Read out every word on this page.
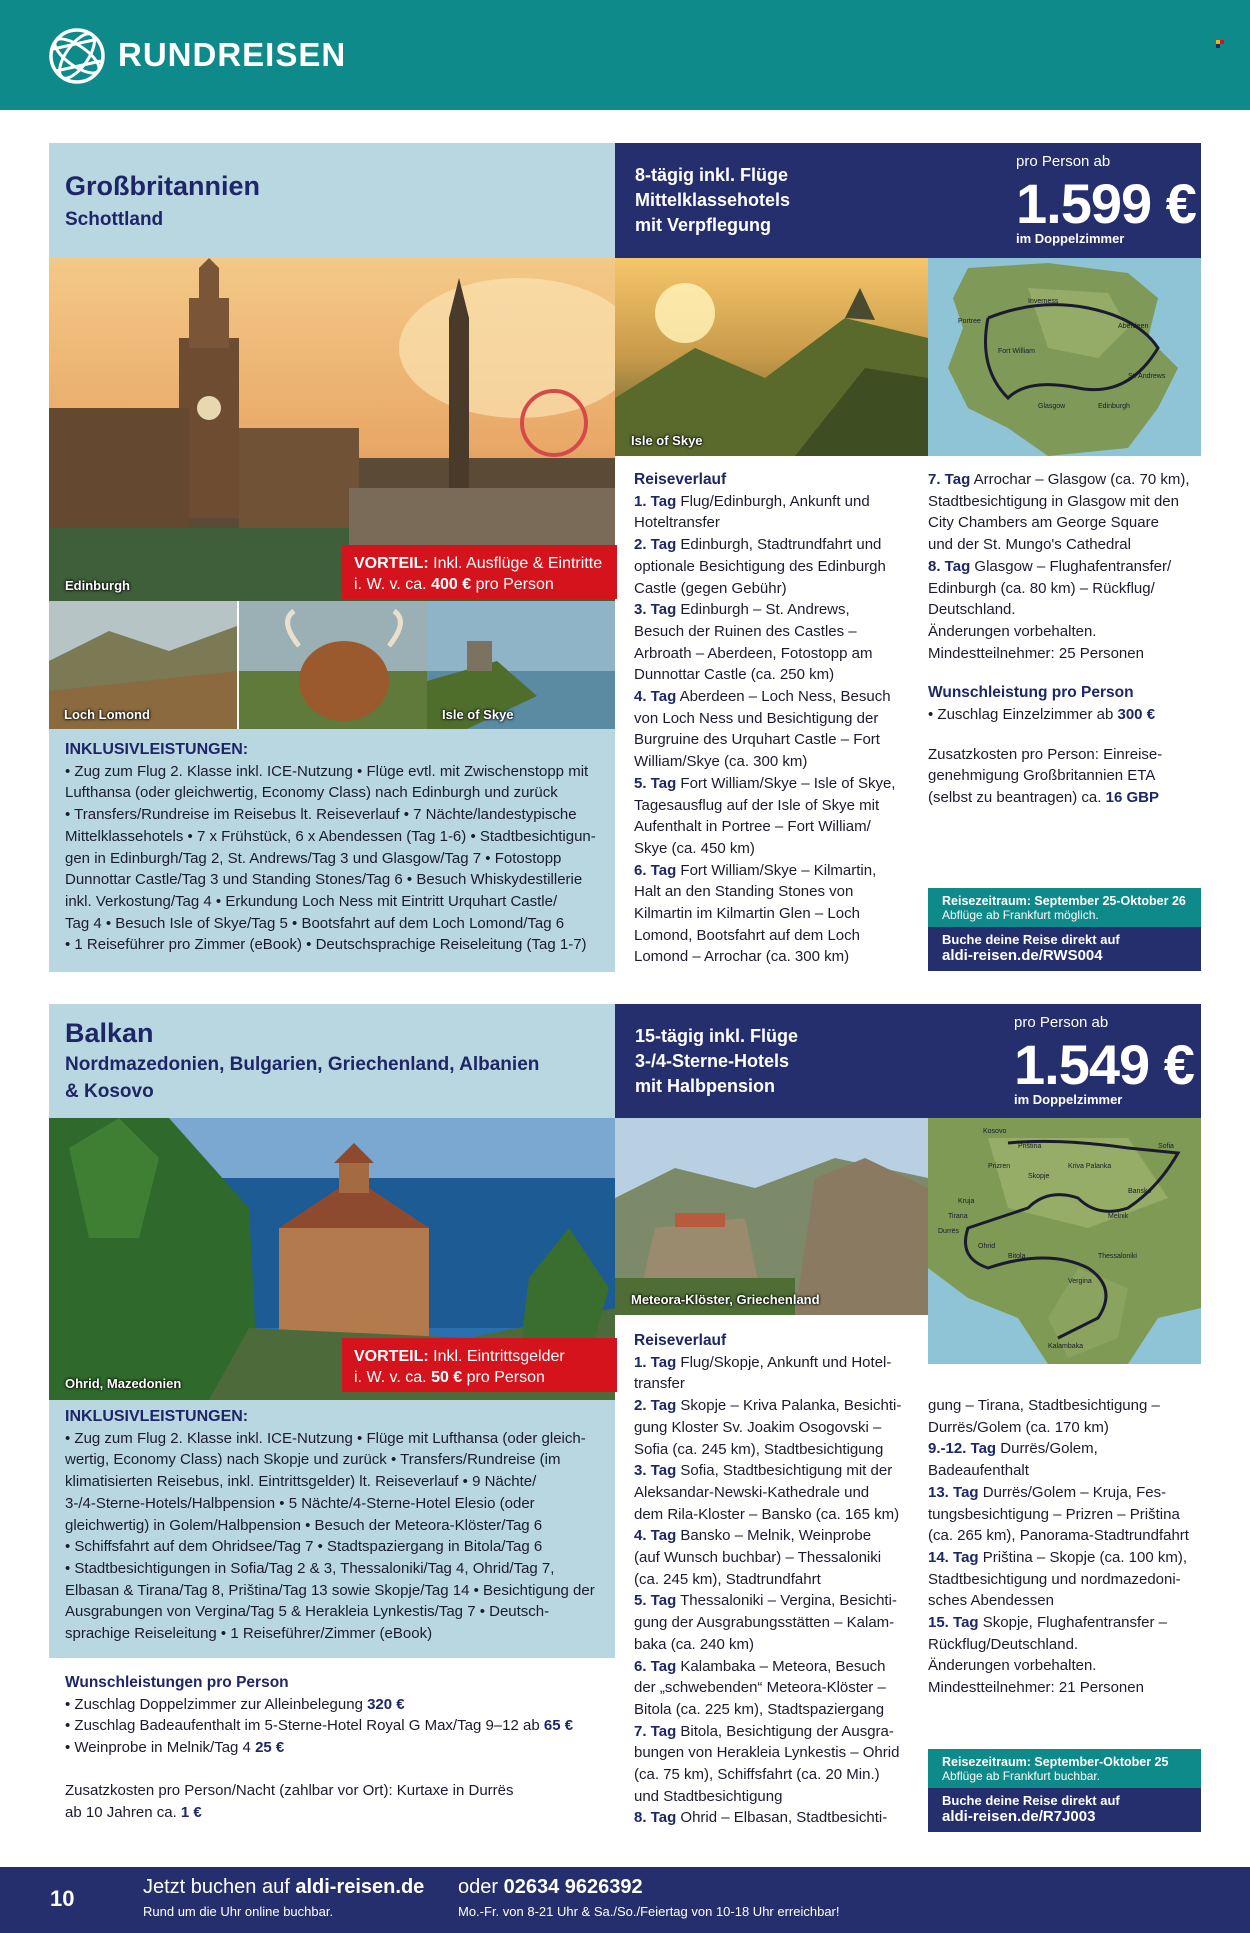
RUNDREISEN
Großbritannien
Schottland
8-tägig inkl. Flüge
Mittelklassehotels
mit Verpflegung
pro Person ab
1.599 €
im Doppelzimmer
Edinburgh
VORTEIL: Inkl. Ausflüge & Eintritte
i. W. v. ca. 400 € pro Person
Isle of Skye
Inverness
Aberdeen
St. Andrews
Edinburgh
Glasgow
Fort William
Portree
Loch Lomond	Isle of Skye
INKLUSIVLEISTUNGEN:
• Zug zum Flug 2. Klasse inkl. ICE-Nutzung • Flüge evtl. mit Zwischenstopp mit
Lufthansa (oder gleichwertig, Economy Class) nach Edinburgh und zurück
• Transfers/Rundreise im Reisebus lt. Reiseverlauf • 7 Nächte/landestypische
Mittelklassehotels • 7 x Frühstück, 6 x Abendessen (Tag 1-6) • Stadtbesichtigun-
gen in Edinburgh/Tag 2, St. Andrews/Tag 3 und Glasgow/Tag 7 • Fotostopp
Dunnottar Castle/Tag 3 und Standing Stones/Tag 6 • Besuch Whiskydestillerie
inkl. Verkostung/Tag 4 • Erkundung Loch Ness mit Eintritt Urquhart Castle/
Tag 4 • Besuch Isle of Skye/Tag 5 • Bootsfahrt auf dem Loch Lomond/Tag 6
• 1 Reiseführer pro Zimmer (eBook) • Deutschsprachige Reiseleitung (Tag 1-7)
Reiseverlauf
1. Tag Flug/Edinburgh, Ankunft und
Hoteltransfer
2. Tag Edinburgh, Stadtrundfahrt und
optionale Besichtigung des Edinburgh
Castle (gegen Gebühr)
3. Tag Edinburgh – St. Andrews,
Besuch der Ruinen des Castles –
Arbroath – Aberdeen, Fotostopp am
Dunnottar Castle (ca. 250 km)
4. Tag Aberdeen – Loch Ness, Besuch
von Loch Ness und Besichtigung der
Burgruine des Urquhart Castle – Fort
William/Skye (ca. 300 km)
5. Tag Fort William/Skye – Isle of Skye,
Tagesausflug auf der Isle of Skye mit
Aufenthalt in Portree – Fort William/
Skye (ca. 450 km)
6. Tag Fort William/Skye – Kilmartin,
Halt an den Standing Stones von
Kilmartin im Kilmartin Glen – Loch
Lomond, Bootsfahrt auf dem Loch
Lomond – Arrochar (ca. 300 km)
7. Tag Arrochar – Glasgow (ca. 70 km),
Stadtbesichtigung in Glasgow mit den
City Chambers am George Square
und der St. Mungo's Cathedral
8. Tag Glasgow – Flughafentransfer/
Edinburgh (ca. 80 km) – Rückflug/
Deutschland.
Änderungen vorbehalten.
Mindestteilnehmer: 25 Personen
Wunschleistung pro Person
• Zuschlag Einzelzimmer ab 300 €
Zusatzkosten pro Person: Einreise-
genehmigung Großbritannien ETA
(selbst zu beantragen) ca. 16 GBP
Reisezeitraum: September 25-Oktober 26
Abflüge ab Frankfurt möglich.
Buche deine Reise direkt auf
aldi-reisen.de/RWS004
Balkan
Nordmazedonien, Bulgarien, Griechenland, Albanien
& Kosovo
15-tägig inkl. Flüge
3-/4-Sterne-Hotels
mit Halbpension
pro Person ab
1.549 €
im Doppelzimmer
Ohrid, Mazedonien
VORTEIL: Inkl. Eintrittsgelder
i. W. v. ca. 50 € pro Person
Meteora-Klöster, Griechenland
Kosovo
Priština
Skopje
Sofia
Prizren	Kriva Palanka
Tirana
Bansko
Kruja
Durrës
Ohrid
Melnik
Bitola	Thessaloniki
Vergina
Kalambaka
INKLUSIVLEISTUNGEN:
• Zug zum Flug 2. Klasse inkl. ICE-Nutzung • Flüge mit Lufthansa (oder gleich-
wertig, Economy Class) nach Skopje und zurück • Transfers/Rundreise (im
klimatisierten Reisebus, inkl. Eintrittsgelder) lt. Reiseverlauf • 9 Nächte/
3-/4-Sterne-Hotels/Halbpension • 5 Nächte/4-Sterne-Hotel Elesio (oder
gleichwertig) in Golem/Halbpension • Besuch der Meteora-Klöster/Tag 6
• Schiffsfahrt auf dem Ohridsee/Tag 7 • Stadtspaziergang in Bitola/Tag 6
• Stadtbesichtigungen in Sofia/Tag 2 & 3, Thessaloniki/Tag 4, Ohrid/Tag 7,
Elbasan & Tirana/Tag 8, Priština/Tag 13 sowie Skopje/Tag 14 • Besichtigung der
Ausgrabungen von Vergina/Tag 5 & Herakleia Lynkestis/Tag 7 • Deutsch-
sprachige Reiseleitung • 1 Reiseführer/Zimmer (eBook)
Wunschleistungen pro Person
• Zuschlag Doppelzimmer zur Alleinbelegung 320 €
• Zuschlag Badeaufenthalt im 5-Sterne-Hotel Royal G Max/Tag 9–12 ab 65 €
• Weinprobe in Melnik/Tag 4 25 €
Zusatzkosten pro Person/Nacht (zahlbar vor Ort): Kurtaxe in Durrës
ab 10 Jahren ca. 1 €
Reiseverlauf
1. Tag Flug/Skopje, Ankunft und Hotel-
transfer
2. Tag Skopje – Kriva Palanka, Besichti-
gung Kloster Sv. Joakim Osogovski –
Sofia (ca. 245 km), Stadtbesichtigung
3. Tag Sofia, Stadtbesichtigung mit der
Aleksandar-Newski-Kathedrale und
dem Rila-Kloster – Bansko (ca. 165 km)
4. Tag Bansko – Melnik, Weinprobe
(auf Wunsch buchbar) – Thessaloniki
(ca. 245 km), Stadtrundfahrt
5. Tag Thessaloniki – Vergina, Besichti-
gung der Ausgrabungsstätten – Kalam-
baka (ca. 240 km)
6. Tag Kalambaka – Meteora, Besuch
der „schwebenden“ Meteora-Klöster –
Bitola (ca. 225 km), Stadtspaziergang
7. Tag Bitola, Besichtigung der Ausgra-
bungen von Herakleia Lynkestis – Ohrid
(ca. 75 km), Schiffsfahrt (ca. 20 Min.)
und Stadtbesichtigung
8. Tag Ohrid – Elbasan, Stadtbesichti-
gung – Tirana, Stadtbesichtigung –
Durrës/Golem (ca. 170 km)
9.-12. Tag Durrës/Golem, Badeaufenthalt
13. Tag Durrës/Golem – Kruja, Fes-
tungsbesichtigung – Prizren – Priština
(ca. 265 km), Panorama-Stadtrundfahrt
14. Tag Priština – Skopje (ca. 100 km),
Stadtbesichtigung und nordmazedoni-
sches Abendessen
15. Tag Skopje, Flughafentransfer –
Rückflug/Deutschland.
Änderungen vorbehalten.
Mindestteilnehmer: 21 Personen
Reisezeitraum: September-Oktober 25
Abflüge ab Frankfurt buchbar.
Buche deine Reise direkt auf
aldi-reisen.de/R7J003
10	Jetzt buchen auf aldi-reisen.de
Rund um die Uhr online buchbar.
oder 02634 9626392
Mo.-Fr. von 8-21 Uhr & Sa./So./Feiertag von 10-18 Uhr erreichbar!
